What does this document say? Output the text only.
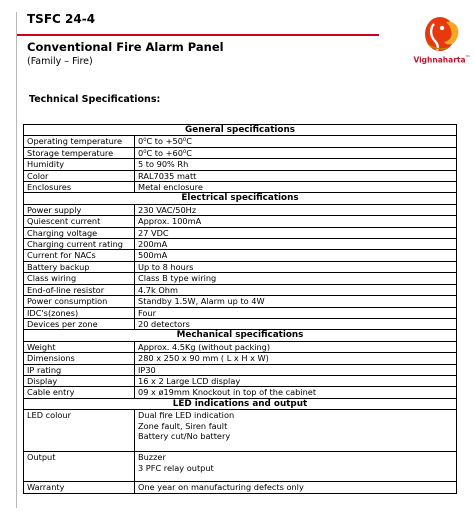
TSFC 24-4
Conventional Fire Alarm Panel
(Family – Fire)	Vighnaharta™
Technical Specifications:
General specifications	
Operating temperature	0⁰C to +50⁰C
Storage temperature	0⁰C to +60⁰C
Humidity	5 to 90% Rh
Color	RAL7035 matt
Enclosures	Metal enclosure
Electrical specifications	
Power supply	230 VAC/50Hz
Quiescent current	Approx. 100mA
Charging voltage	27 VDC
Charging current rating	200mA
Current for NACs	500mA
Battery backup	Up to 8 hours
Class wiring	Class B type wiring
End-of-line resistor	4.7k Ohm
Power consumption	Standby 1.5W, Alarm up to 4W
IDC's(zones)	Four
Devices per zone	20 detectors
Mechanical specifications	
Weight	Approx. 4.5Kg (without packing)
Dimensions	280 x 250 x 90 mm ( L x H x W)
IP rating	IP30
Display	16 x 2 Large LCD display
Cable entry	09 x ø19mm Knockout in top of the cabinet
LED indications and output	
LED colour	Dual fire LED indication
Zone fault, Siren fault
Battery cut/No battery

Output	Buzzer
3 PFC relay output

Warranty	One year on manufacturing defects only
